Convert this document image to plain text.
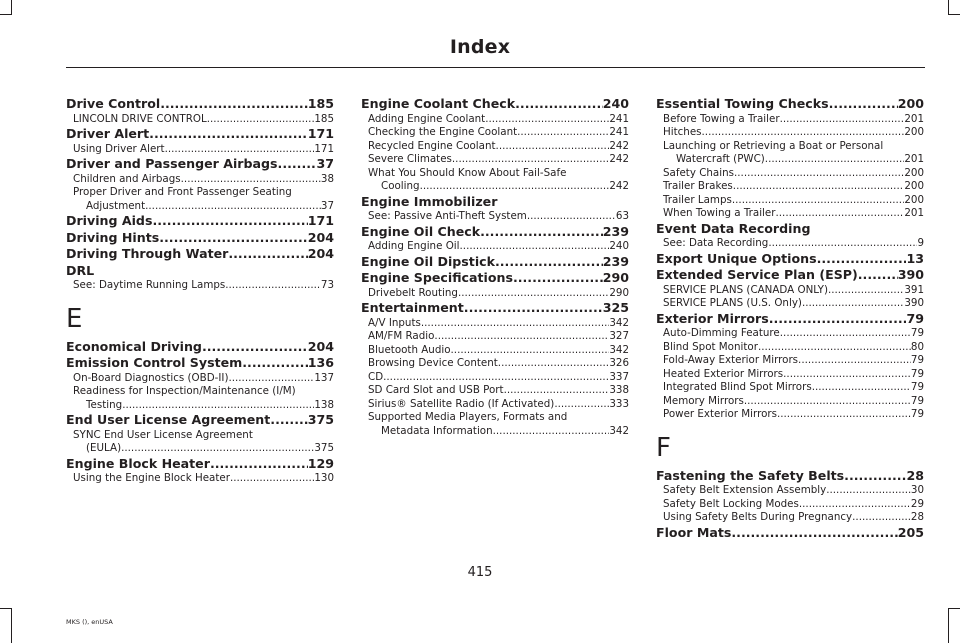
Index
Drive Control .....	185
LINCOLN DRIVE CONTROL .....	185
Driver Alert .....	171
Using Driver Alert .....	171
Driver and Passenger Airbags .....	37
Children and Airbags .....	38
Proper Driver and Front Passenger Seating
Adjustment .....	37
Driving Aids .....	171
Driving Hints .....	204
Driving Through Water .....	204
DRL
See: Daytime Running Lamps .....	73
E
Economical Driving .....	204
Emission Control System .....	136
On-Board Diagnostics (OBD-II) .....	137
Readiness for Inspection/Maintenance (I/M)
Testing .....	138
End User License Agreement .....	375
SYNC End User License Agreement
(EULA) .....	375
Engine Block Heater .....	129
Using the Engine Block Heater .....	130
Engine Coolant Check .....	240
Adding Engine Coolant .....	241
Checking the Engine Coolant .....	241
Recycled Engine Coolant .....	242
Severe Climates .....	242
What You Should Know About Fail-Safe
Cooling .....	242
Engine Immobilizer
See: Passive Anti-Theft System .....	63
Engine Oil Check .....	239
Adding Engine Oil .....	240
Engine Oil Dipstick .....	239
Engine Specifications .....	290
Drivebelt Routing .....	290
Entertainment .....	325
A/V Inputs .....	342
AM/FM Radio .....	327
Bluetooth Audio .....	342
Browsing Device Content .....	326
CD .....	337
SD Card Slot and USB Port .....	338
Sirius® Satellite Radio (If Activated) .....	333
Supported Media Players, Formats and
Metadata Information .....	342
Essential Towing Checks .....	200
Before Towing a Trailer .....	201
Hitches .....	200
Launching or Retrieving a Boat or Personal
Watercraft (PWC) .....	201
Safety Chains .....	200
Trailer Brakes .....	200
Trailer Lamps .....	200
When Towing a Trailer .....	201
Event Data Recording
See: Data Recording .....	9
Export Unique Options .....	13
Extended Service Plan (ESP) .....	390
SERVICE PLANS (CANADA ONLY) .....	391
SERVICE PLANS (U.S. Only) .....	390
Exterior Mirrors .....	79
Auto-Dimming Feature .....	79
Blind Spot Monitor .....	80
Fold-Away Exterior Mirrors .....	79
Heated Exterior Mirrors .....	79
Integrated Blind Spot Mirrors .....	79
Memory Mirrors .....	79
Power Exterior Mirrors .....	79
F
Fastening the Safety Belts .....	28
Safety Belt Extension Assembly .....	30
Safety Belt Locking Modes .....	29
Using Safety Belts During Pregnancy .....	28
Floor Mats .....	205
415
MKS (), enUSA
